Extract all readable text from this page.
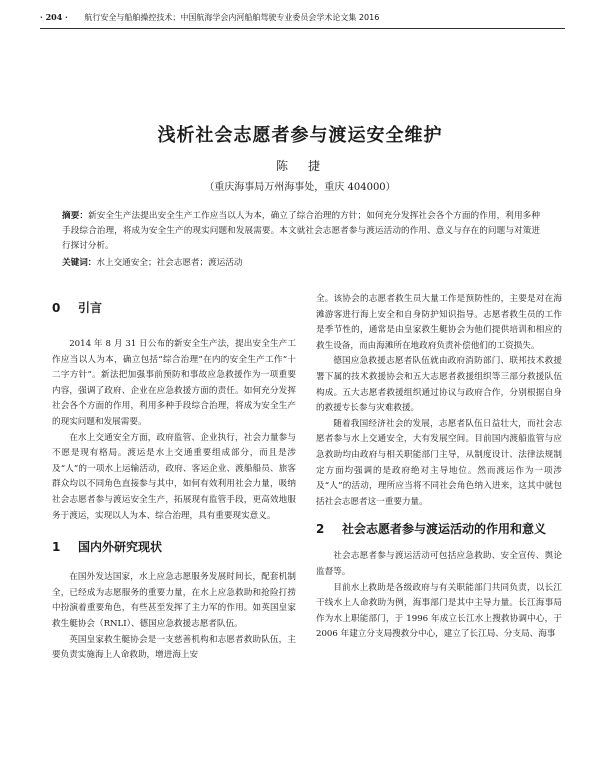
· 204 · 航行安全与船舶操控技术；中国航海学会内河船舶驾驶专业委员会学术论文集 2016
浅析社会志愿者参与渡运安全维护
陈　捷
（重庆海事局万州海事处，重庆 404000）
摘要：新安全生产法提出安全生产工作应当以人为本，确立了综合治理的方针；如何充分发挥社会各个方面的作用，利用多种手段综合治理，将成为安全生产的现实问题和发展需要。本文就社会志愿者参与渡运活动的作用、意义与存在的问题与对策进行探讨分析。
关键词：水上交通安全；社会志愿者；渡运活动
0	引言

2014 年 8 月 31 日公布的新安全生产法，提出安全生产工作应当以人为本，确立包括“综合治理”在内的安全生产工作“十二字方针”。新法把加强事前预防和事故应急救援作为一项重要内容，强调了政府、企业在应急救援方面的责任。如何充分发挥社会各个方面的作用，利用多种手段综合治理，将成为安全生产的现实问题和发展需要。

在水上交通安全方面，政府监管、企业执行，社会力量参与不愿是现有格局。渡运是水上交通重要组成部分，而且是涉及“人”的一项水上运输活动，政府、客运企业、渡船船员、旅客群众均以不同角色直接参与其中，如何有效利用社会力量，吸纳社会志愿者参与渡运安全生产，拓展现有监管手段，更高效地服务于渡运，实现以人为本、综合治理，具有重要现实意义。

1	国内外研究现状

在国外发达国家，水上应急志愿服务发展时间长，配套机制全，已经成为志愿服务的重要力量，在水上应急救助和抢险打捞中扮演着重要角色，有些甚至发挥了主力军的作用。如英国皇家救生艇协会（RNLI）、德国应急救援志愿者队伍。

英国皇家救生艇协会是一支慈善机构和志愿者救助队伍，主要负责实施海上人命救助，增进海上安

全。该协会的志愿者救生员大量工作是预防性的，主要是对在海滩游客进行海上安全和自身防护知识指导。志愿者救生员的工作是季节性的，通常是由皇家救生艇协会为他们提供培训和相应的救生设备，而由海滩所在地政府负责补偿他们的工资损失。

德国应急救援志愿者队伍就由政府消防部门、联邦技术救援署下属的技术救援协会和五大志愿者救援组织等三部分救援队伍构成。五大志愿者救援组织通过协议与政府合作，分别根据自身的救援专长参与灾难救援。

随着我国经济社会的发展，志愿者队伍日益壮大，而社会志愿者参与水上交通安全，大有发展空间。目前国内渡船监管与应急救助均由政府与相关职能部门主导，从制度设计、法律法规制定方面均强调的是政府绝对主导地位。然而渡运作为一项涉及“人”的活动，理所应当将不同社会角色纳入进来，这其中就包括社会志愿者这一重要力量。

2	社会志愿者参与渡运活动的作用和意义

社会志愿者参与渡运活动可包括应急救助、安全宣传、舆论监督等。

目前水上救助是各级政府与有关职能部门共同负责，以长江干线水上人命救助为例，海事部门是其中主导力量。长江海事局作为水上职能部门，于 1996 年成立长江水上搜救协调中心，于 2006 年建立分支局搜救分中心，建立了长江局、分支局、海事
